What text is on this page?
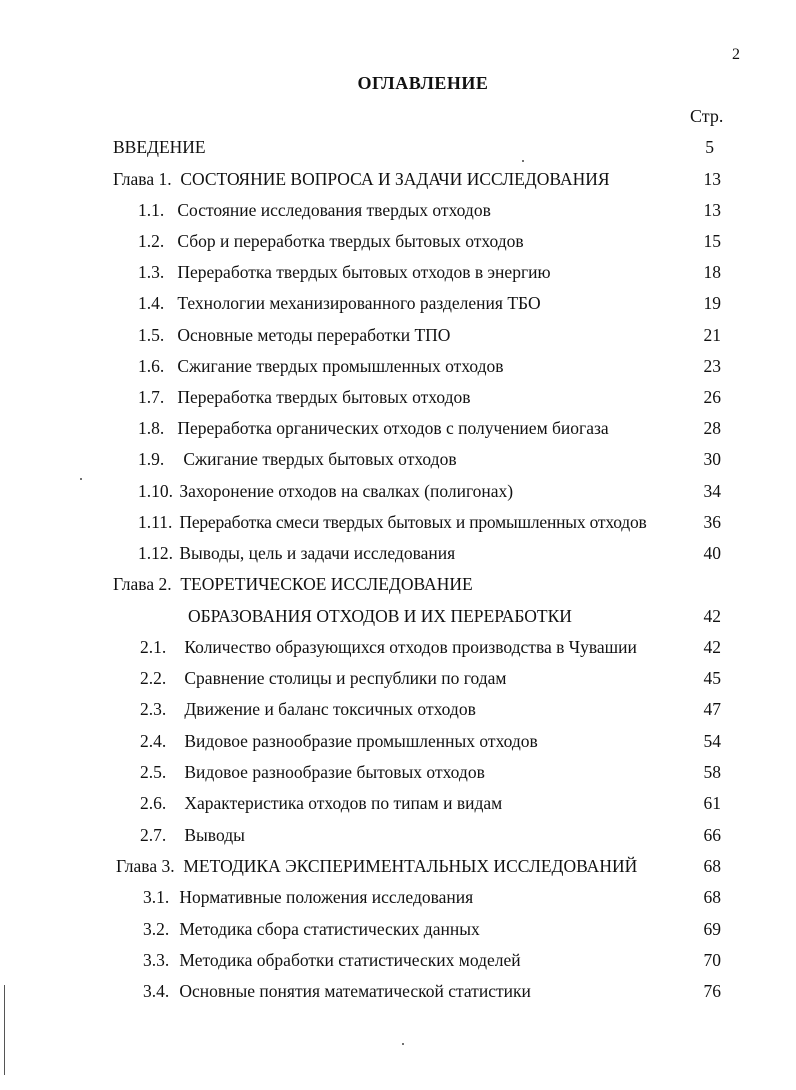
2
ОГЛАВЛЕНИЕ
Стр.
ВВЕДЕНИЕ	5
Глава 1. СОСТОЯНИЕ ВОПРОСА И ЗАДАЧИ ИССЛЕДОВАНИЯ	13
1.1. Состояние исследования твердых отходов	13
1.2. Сбор и переработка твердых бытовых отходов	15
1.3. Переработка твердых бытовых отходов в энергию	18
1.4. Технологии механизированного разделения ТБО	19
1.5. Основные методы переработки ТПО	21
1.6. Сжигание твердых промышленных отходов	23
1.7. Переработка твердых бытовых отходов	26
1.8. Переработка органических отходов с получением биогаза	28
1.9. Сжигание твердых бытовых отходов	30
1.10. Захоронение отходов на свалках (полигонах)	34
1.11. Переработка смеси твердых бытовых и промышленных отходов	36
1.12. Выводы, цель и задачи исследования	40
Глава 2. ТЕОРЕТИЧЕСКОЕ ИССЛЕДОВАНИЕ
ОБРАЗОВАНИЯ ОТХОДОВ И ИХ ПЕРЕРАБОТКИ	42
2.1. Количество образующихся отходов производства в Чувашии	42
2.2. Сравнение столицы и республики по годам	45
2.3. Движение и баланс токсичных отходов	47
2.4. Видовое разнообразие промышленных отходов	54
2.5. Видовое разнообразие бытовых отходов	58
2.6. Характеристика отходов по типам и видам	61
2.7. Выводы	66
Глава 3. МЕТОДИКА ЭКСПЕРИМЕНТАЛЬНЫХ ИССЛЕДОВАНИЙ	68
3.1. Нормативные положения исследования	68
3.2. Методика сбора статистических данных	69
3.3. Методика обработки статистических моделей	70
3.4. Основные понятия математической статистики	76
